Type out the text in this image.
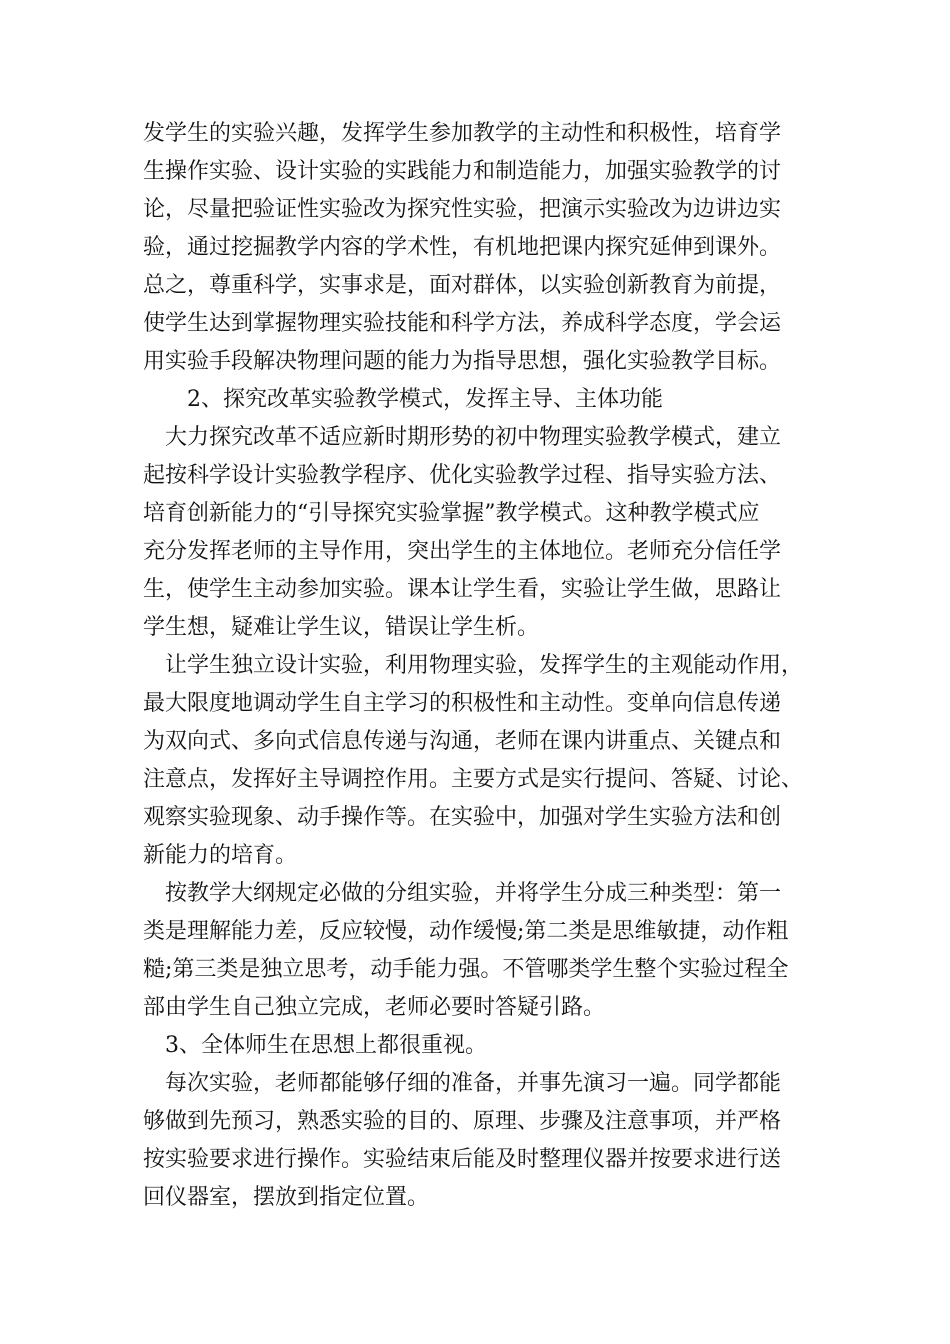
发学生的实验兴趣，发挥学生参加教学的主动性和积极性，培育学
生操作实验、设计实验的实践能力和制造能力，加强实验教学的讨
论，尽量把验证性实验改为探究性实验，把演示实验改为边讲边实
验，通过挖掘教学内容的学术性，有机地把课内探究延伸到课外。
总之，尊重科学，实事求是，面对群体，以实验创新教育为前提，
使学生达到掌握物理实验技能和科学方法，养成科学态度，学会运
用实验手段解决物理问题的能力为指导思想，强化实验教学目标。
2、探究改革实验教学模式，发挥主导、主体功能
大力探究改革不适应新时期形势的初中物理实验教学模式，建立
起按科学设计实验教学程序、优化实验教学过程、指导实验方法、
培育创新能力的“引导探究实验掌握”教学模式。这种教学模式应
充分发挥老师的主导作用，突出学生的主体地位。老师充分信任学
生，使学生主动参加实验。课本让学生看，实验让学生做，思路让
学生想，疑难让学生议，错误让学生析。
让学生独立设计实验，利用物理实验，发挥学生的主观能动作用，
最大限度地调动学生自主学习的积极性和主动性。变单向信息传递
为双向式、多向式信息传递与沟通，老师在课内讲重点、关键点和
注意点，发挥好主导调控作用。主要方式是实行提问、答疑、讨论、
观察实验现象、动手操作等。在实验中，加强对学生实验方法和创
新能力的培育。
按教学大纲规定必做的分组实验，并将学生分成三种类型：第一
类是理解能力差，反应较慢，动作缓慢;第二类是思维敏捷，动作粗
糙;第三类是独立思考，动手能力强。不管哪类学生整个实验过程全
部由学生自己独立完成，老师必要时答疑引路。
3、全体师生在思想上都很重视。
每次实验，老师都能够仔细的准备，并事先演习一遍。同学都能
够做到先预习，熟悉实验的目的、原理、步骤及注意事项，并严格
按实验要求进行操作。实验结束后能及时整理仪器并按要求进行送
回仪器室，摆放到指定位置。
